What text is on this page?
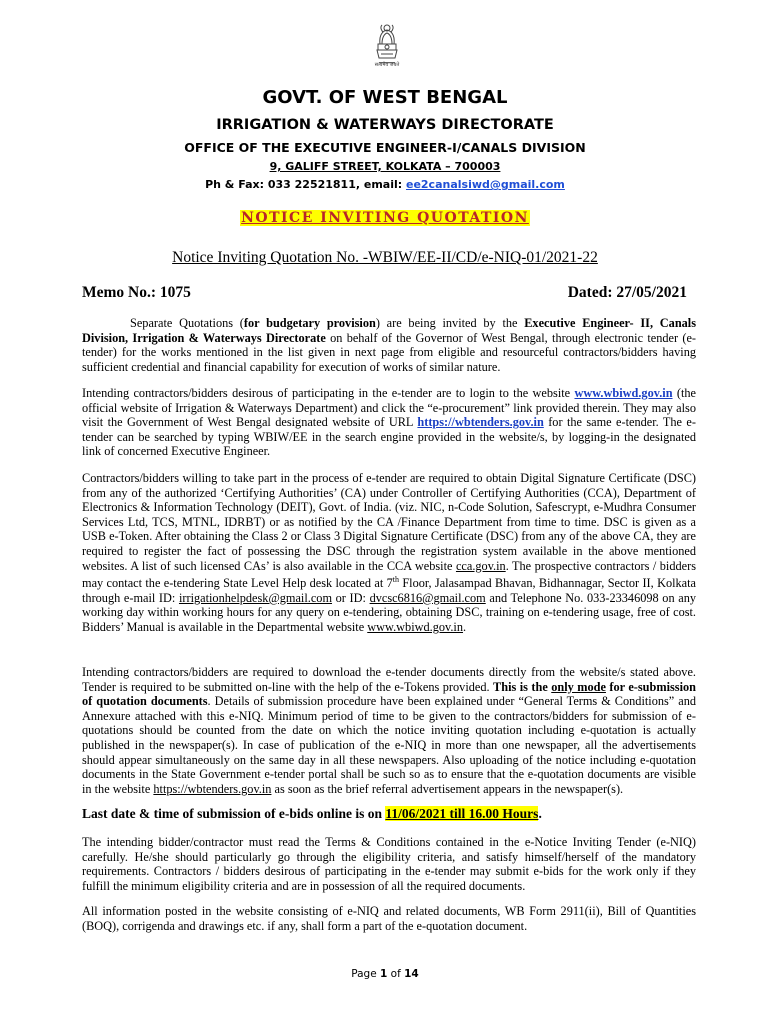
सत्यमेव जयते
GOVT. OF WEST BENGAL
IRRIGATION & WATERWAYS DIRECTORATE
OFFICE OF THE EXECUTIVE ENGINEER-I/CANALS DIVISION
9, GALIFF STREET, KOLKATA – 700003
Ph & Fax: 033 22521811, email: ee2canalsiwd@gmail.com
NOTICE INVITING QUOTATION
Notice Inviting Quotation No. -WBIW/EE-II/CD/e-NIQ-01/2021-22
Memo No.: 1075	Dated: 27/05/2021
Separate Quotations (for budgetary provision) are being invited by the Executive Engineer- II, Canals Division, Irrigation & Waterways Directorate on behalf of the Governor of West Bengal, through electronic tender (e-tender) for the works mentioned in the list given in next page from eligible and resourceful contractors/bidders having sufficient credential and financial capability for execution of works of similar nature.
Intending contractors/bidders desirous of participating in the e-tender are to login to the website www.wbiwd.gov.in (the official website of Irrigation & Waterways Department) and click the “e-procurement” link provided therein. They may also visit the Government of West Bengal designated website of URL https://wbtenders.gov.in for the same e-tender. The e-tender can be searched by typing WBIW/EE in the search engine provided in the website/s, by logging-in the designated link of concerned Executive Engineer.
Contractors/bidders willing to take part in the process of e-tender are required to obtain Digital Signature Certificate (DSC) from any of the authorized ‘Certifying Authorities’ (CA) under Controller of Certifying Authorities (CCA), Department of Electronics & Information Technology (DEIT), Govt. of India. (viz. NIC, n-Code Solution, Safescrypt, e-Mudhra Consumer Services Ltd, TCS, MTNL, IDRBT) or as notified by the CA /Finance Department from time to time. DSC is given as a USB e-Token. After obtaining the Class 2 or Class 3 Digital Signature Certificate (DSC) from any of the above CA, they are required to register the fact of possessing the DSC through the registration system available in the above mentioned websites. A list of such licensed CAs’ is also available in the CCA website cca.gov.in. The prospective contractors / bidders may contact the e-tendering State Level Help desk located at 7th Floor, Jalasampad Bhavan, Bidhannagar, Sector II, Kolkata through e-mail ID: irrigationhelpdesk@gmail.com or ID: dvcsc6816@gmail.com and Telephone No. 033-23346098 on any working day within working hours for any query on e-tendering, obtaining DSC, training on e-tendering usage, free of cost. Bidders’ Manual is available in the Departmental website www.wbiwd.gov.in.
Intending contractors/bidders are required to download the e-tender documents directly from the website/s stated above. Tender is required to be submitted on-line with the help of the e-Tokens provided. This is the only mode for e-submission of quotation documents. Details of submission procedure have been explained under “General Terms & Conditions” and Annexure attached with this e-NIQ. Minimum period of time to be given to the contractors/bidders for submission of e-quotations should be counted from the date on which the notice inviting quotation including e-quotation is actually published in the newspaper(s). In case of publication of the e-NIQ in more than one newspaper, all the advertisements should appear simultaneously on the same day in all these newspapers. Also uploading of the notice including e-quotation documents in the State Government e-tender portal shall be such so as to ensure that the e-quotation documents are visible in the website https://wbtenders.gov.in as soon as the brief referral advertisement appears in the newspaper(s).
Last date & time of submission of e-bids online is on 11/06/2021 till 16.00 Hours.
The intending bidder/contractor must read the Terms & Conditions contained in the e-Notice Inviting Tender (e-NIQ) carefully. He/she should particularly go through the eligibility criteria, and satisfy himself/herself of the mandatory requirements. Contractors / bidders desirous of participating in the e-tender may submit e-bids for the work only if they fulfill the minimum eligibility criteria and are in possession of all the required documents.
All information posted in the website consisting of e-NIQ and related documents, WB Form 2911(ii), Bill of Quantities (BOQ), corrigenda and drawings etc. if any, shall form a part of the e-quotation document.
Page 1 of 14
